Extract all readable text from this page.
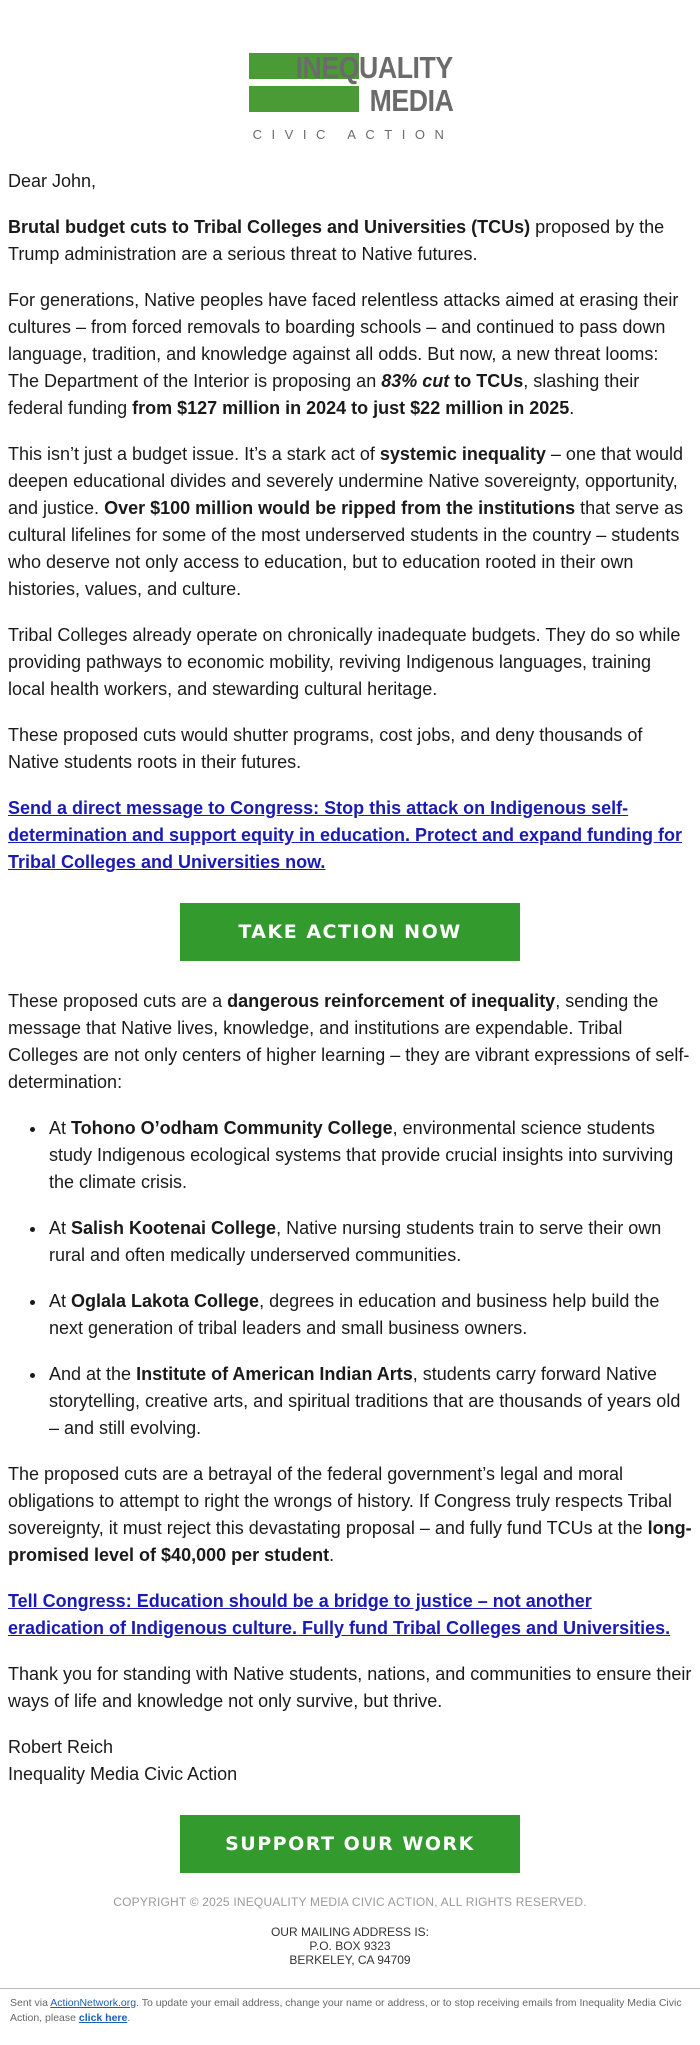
INEQUALITY
MEDIA
CIVIC ACTION

Dear John,

Brutal budget cuts to Tribal Colleges and Universities (TCUs) proposed by the Trump administration are a serious threat to Native futures.

For generations, Native peoples have faced relentless attacks aimed at erasing their cultures – from forced removals to boarding schools – and continued to pass down language, tradition, and knowledge against all odds. But now, a new threat looms: The Department of the Interior is proposing an 83% cut to TCUs, slashing their federal funding from $127 million in 2024 to just $22 million in 2025.

This isn’t just a budget issue. It’s a stark act of systemic inequality – one that would deepen educational divides and severely undermine Native sovereignty, opportunity, and justice. Over $100 million would be ripped from the institutions that serve as cultural lifelines for some of the most underserved students in the country – students who deserve not only access to education, but to education rooted in their own histories, values, and culture.

Tribal Colleges already operate on chronically inadequate budgets. They do so while providing pathways to economic mobility, reviving Indigenous languages, training local health workers, and stewarding cultural heritage.

These proposed cuts would shutter programs, cost jobs, and deny thousands of Native students roots in their futures.

Send a direct message to Congress: Stop this attack on Indigenous self-determination and support equity in education. Protect and expand funding for Tribal Colleges and Universities now.

TAKE ACTION NOW

These proposed cuts are a dangerous reinforcement of inequality, sending the message that Native lives, knowledge, and institutions are expendable. Tribal Colleges are not only centers of higher learning – they are vibrant expressions of self-determination:

• At Tohono O’odham Community College, environmental science students study Indigenous ecological systems that provide crucial insights into surviving the climate crisis.
• At Salish Kootenai College, Native nursing students train to serve their own rural and often medically underserved communities.
• At Oglala Lakota College, degrees in education and business help build the next generation of tribal leaders and small business owners.
• And at the Institute of American Indian Arts, students carry forward Native storytelling, creative arts, and spiritual traditions that are thousands of years old – and still evolving.

The proposed cuts are a betrayal of the federal government’s legal and moral obligations to attempt to right the wrongs of history. If Congress truly respects Tribal sovereignty, it must reject this devastating proposal – and fully fund TCUs at the long-promised level of $40,000 per student.

Tell Congress: Education should be a bridge to justice – not another eradication of Indigenous culture. Fully fund Tribal Colleges and Universities.

Thank you for standing with Native students, nations, and communities to ensure their ways of life and knowledge not only survive, but thrive.

Robert Reich
Inequality Media Civic Action
SUPPORT OUR WORK
COPYRIGHT © 2025 INEQUALITY MEDIA CIVIC ACTION, ALL RIGHTS RESERVED.
OUR MAILING ADDRESS IS:
P.O. BOX 9323
BERKELEY, CA 94709
Sent via ActionNetwork.org. To update your email address, change your name or address, or to stop receiving emails from Inequality Media Civic Action, please click here.
